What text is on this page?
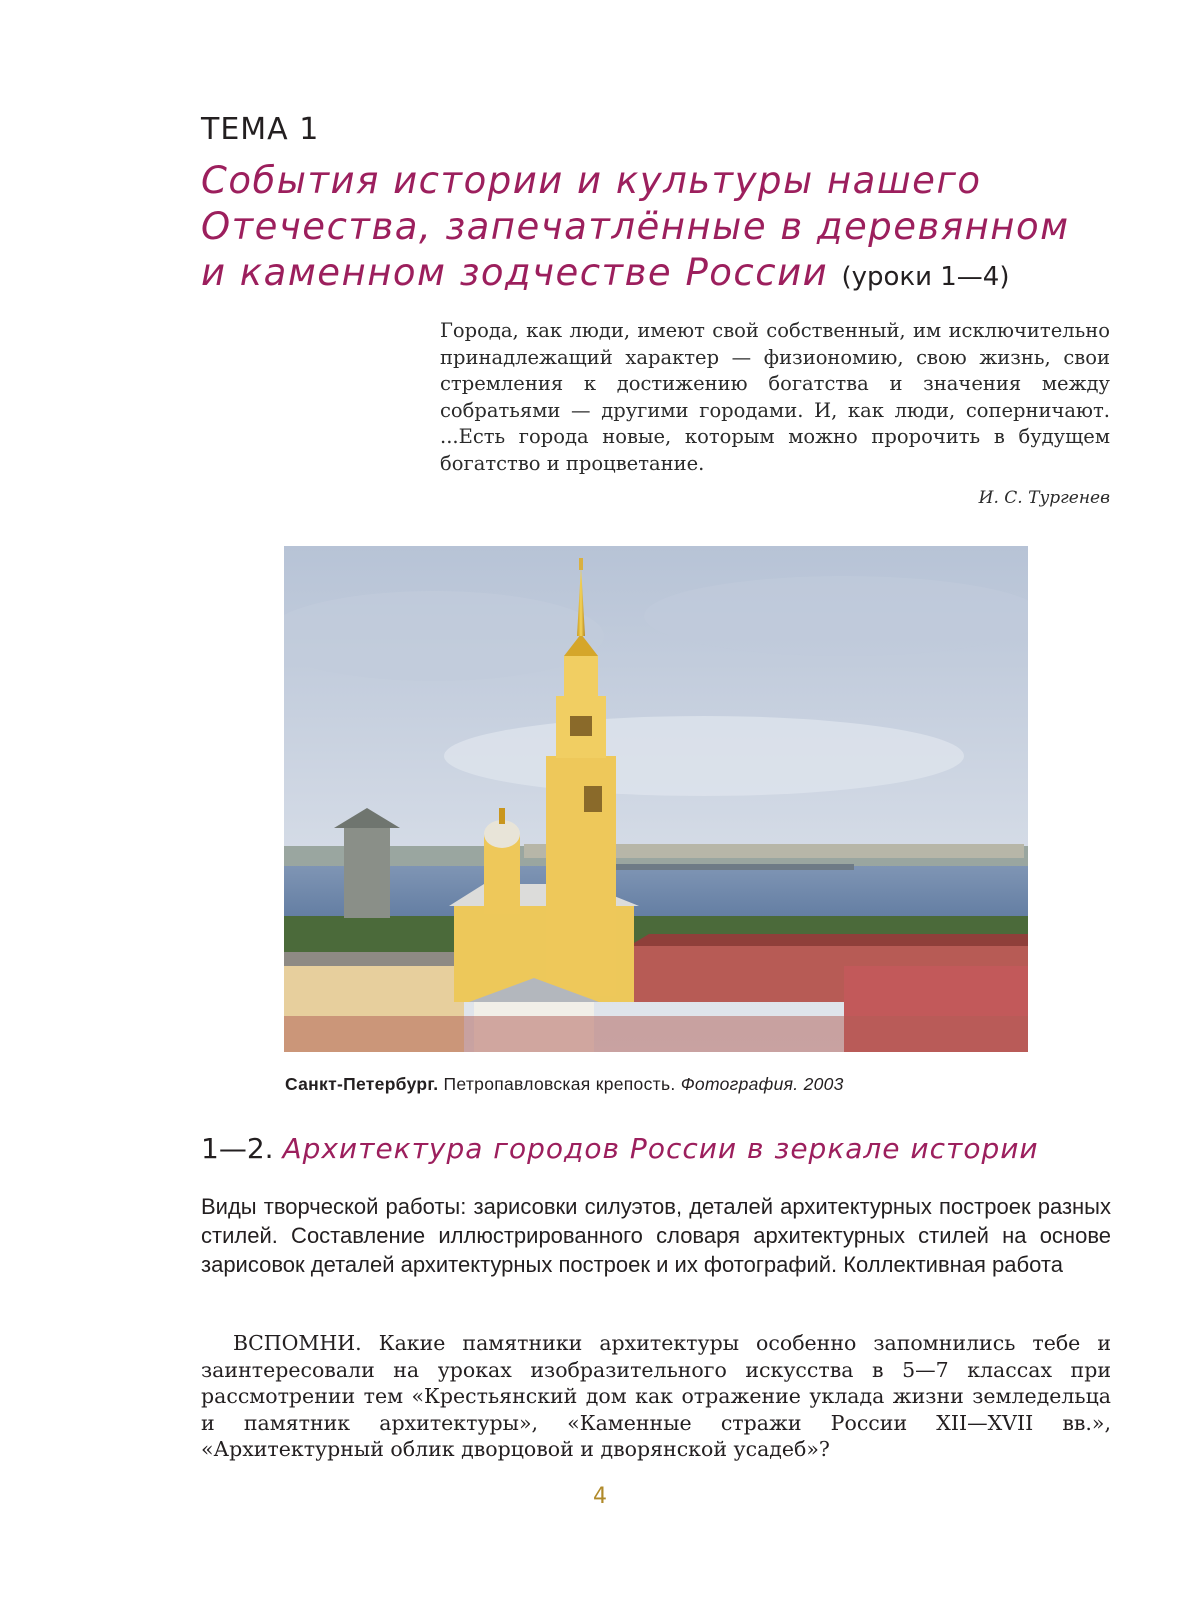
ТЕМА 1
События истории и культуры нашего Отечества, запечатлённые в деревянном и каменном зодчестве России (уроки 1—4)
Города, как люди, имеют свой собственный, им исключительно принадлежащий характер — физиономию, свою жизнь, свои стремления к достижению богатства и значения между собратьями — другими городами. И, как люди, соперничают. ...Есть города новые, которым можно пророчить в будущем богатство и процветание.
И. С. Тургенев
Санкт-Петербург. Петропавловская крепость. Фотография. 2003
1—2. Архитектура городов России в зеркале истории
Виды творческой работы: зарисовки силуэтов, деталей архитектурных построек разных стилей. Составление иллюстрированного словаря архитектурных стилей на основе зарисовок деталей архитектурных построек и их фотографий. Коллективная работа
ВСПОМНИ. Какие памятники архитектуры особенно запомнились тебе и заинтересовали на уроках изобразительного искусства в 5—7 классах при рассмотрении тем «Крестьянский дом как отражение уклада жизни земледельца и памятник архитектуры», «Каменные стражи России XII—XVII вв.», «Архитектурный облик дворцовой и дворянской усадеб»?
4
